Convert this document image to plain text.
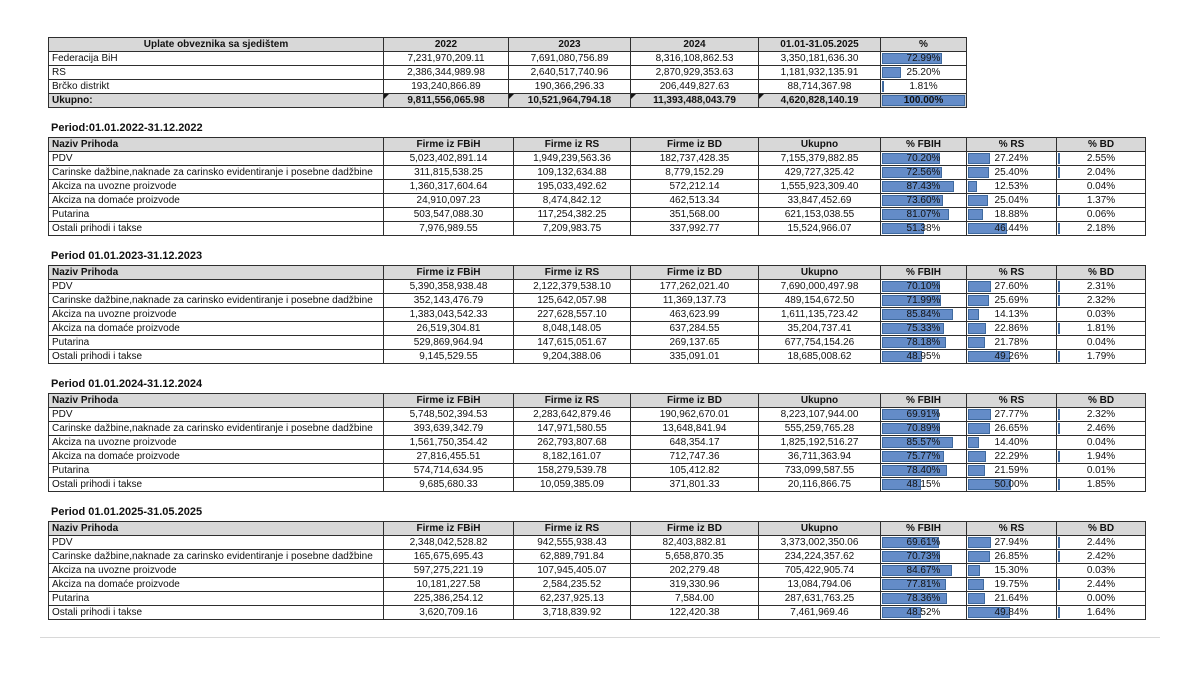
Uplate obveznika sa sjedištem	2022	2023	2024	01.01-31.05.2025	%
Federacija BiH	7,231,970,209.11	7,691,080,756.89	8,316,108,862.53	3,350,181,636.30	72.99%
RS	2,386,344,989.98	2,640,517,740.96	2,870,929,353.63	1,181,932,135.91	25.20%
Brčko distrikt	193,240,866.89	190,366,296.33	206,449,827.63	88,714,367.98	1.81%
Ukupno:	9,811,556,065.98	10,521,964,794.18	11,393,488,043.79	4,620,828,140.19	100.00%
Period:01.01.2022-31.12.2022
Naziv Prihoda	Firme iz FBiH	Firme iz RS	Firme iz BD	Ukupno	% FBIH	% RS	% BD
PDV	5,023,402,891.14	1,949,239,563.36	182,737,428.35	7,155,379,882.85	70.20%	27.24%	2.55%
Carinske dažbine,naknade za carinsko evidentiranje i posebne dadžbine	311,815,538.25	109,132,634.88	8,779,152.29	429,727,325.42	72.56%	25.40%	2.04%
Akciza na uvozne proizvode	1,360,317,604.64	195,033,492.62	572,212.14	1,555,923,309.40	87.43%	12.53%	0.04%
Akciza na domaće proizvode	24,910,097.23	8,474,842.12	462,513.34	33,847,452.69	73.60%	25.04%	1.37%
Putarina	503,547,088.30	117,254,382.25	351,568.00	621,153,038.55	81.07%	18.88%	0.06%
Ostali prihodi i takse	7,976,989.55	7,209,983.75	337,992.77	15,524,966.07	51.38%	46.44%	2.18%
Period 01.01.2023-31.12.2023
Naziv Prihoda	Firme iz FBiH	Firme iz RS	Firme iz BD	Ukupno	% FBIH	% RS	% BD
PDV	5,390,358,938.48	2,122,379,538.10	177,262,021.40	7,690,000,497.98	70.10%	27.60%	2.31%
Carinske dažbine,naknade za carinsko evidentiranje i posebne dadžbine	352,143,476.79	125,642,057.98	11,369,137.73	489,154,672.50	71.99%	25.69%	2.32%
Akciza na uvozne proizvode	1,383,043,542.33	227,628,557.10	463,623.99	1,611,135,723.42	85.84%	14.13%	0.03%
Akciza na domaće proizvode	26,519,304.81	8,048,148.05	637,284.55	35,204,737.41	75.33%	22.86%	1.81%
Putarina	529,869,964.94	147,615,051.67	269,137.65	677,754,154.26	78.18%	21.78%	0.04%
Ostali prihodi i takse	9,145,529.55	9,204,388.06	335,091.01	18,685,008.62	48.95%	49.26%	1.79%
Period 01.01.2024-31.12.2024
Naziv Prihoda	Firme iz FBiH	Firme iz RS	Firme iz BD	Ukupno	% FBIH	% RS	% BD
PDV	5,748,502,394.53	2,283,642,879.46	190,962,670.01	8,223,107,944.00	69.91%	27.77%	2.32%
Carinske dažbine,naknade za carinsko evidentiranje i posebne dadžbine	393,639,342.79	147,971,580.55	13,648,841.94	555,259,765.28	70.89%	26.65%	2.46%
Akciza na uvozne proizvode	1,561,750,354.42	262,793,807.68	648,354.17	1,825,192,516.27	85.57%	14.40%	0.04%
Akciza na domaće proizvode	27,816,455.51	8,182,161.07	712,747.36	36,711,363.94	75.77%	22.29%	1.94%
Putarina	574,714,634.95	158,279,539.78	105,412.82	733,099,587.55	78.40%	21.59%	0.01%
Ostali prihodi i takse	9,685,680.33	10,059,385.09	371,801.33	20,116,866.75	48.15%	50.00%	1.85%
Period 01.01.2025-31.05.2025
Naziv Prihoda	Firme iz FBiH	Firme iz RS	Firme iz BD	Ukupno	% FBIH	% RS	% BD
PDV	2,348,042,528.82	942,555,938.43	82,403,882.81	3,373,002,350.06	69.61%	27.94%	2.44%
Carinske dažbine,naknade za carinsko evidentiranje i posebne dadžbine	165,675,695.43	62,889,791.84	5,658,870.35	234,224,357.62	70.73%	26.85%	2.42%
Akciza na uvozne proizvode	597,275,221.19	107,945,405.07	202,279.48	705,422,905.74	84.67%	15.30%	0.03%
Akciza na domaće proizvode	10,181,227.58	2,584,235.52	319,330.96	13,084,794.06	77.81%	19.75%	2.44%
Putarina	225,386,254.12	62,237,925.13	7,584.00	287,631,763.25	78.36%	21.64%	0.00%
Ostali prihodi i takse	3,620,709.16	3,718,839.92	122,420.38	7,461,969.46	48.52%	49.84%	1.64%
